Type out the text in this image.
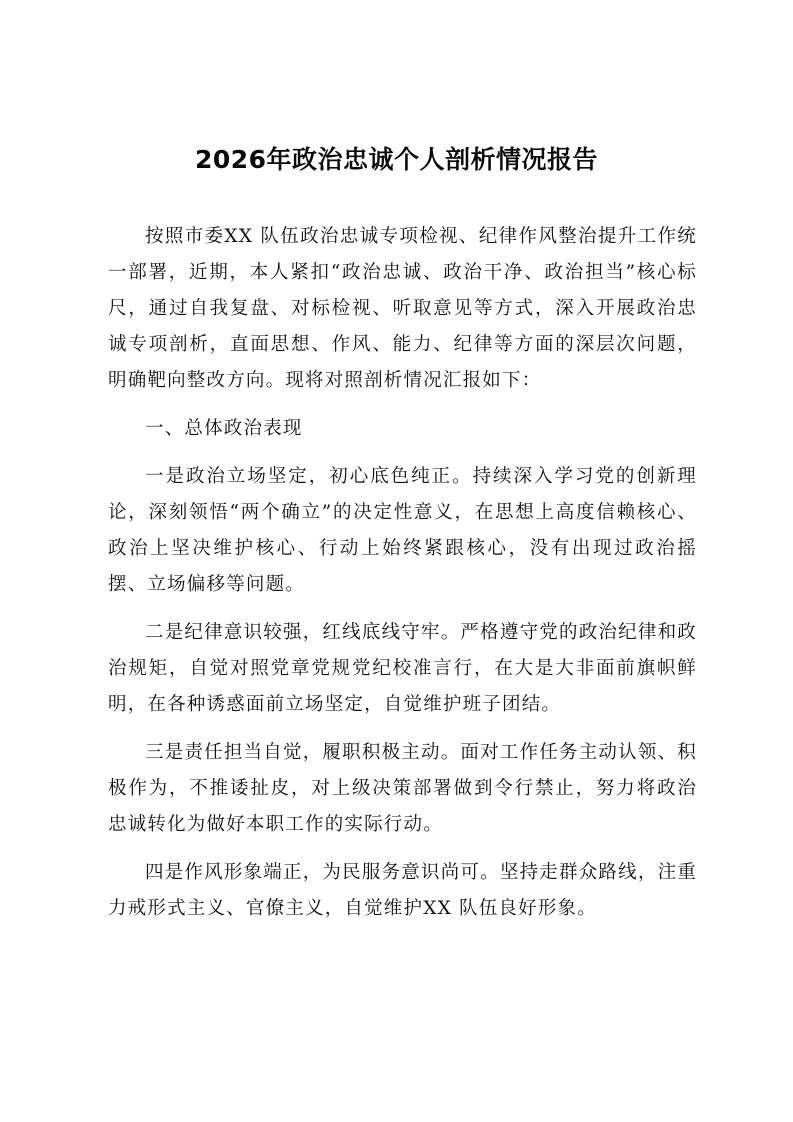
2026年政治忠诚个人剖析情况报告

按照市委XX 队伍政治忠诚专项检视、纪律作风整治提升工作统一部署，近期，本人紧扣“政治忠诚、政治干净、政治担当”核心标尺，通过自我复盘、对标检视、听取意见等方式，深入开展政治忠诚专项剖析，直面思想、作风、能力、纪律等方面的深层次问题，明确靶向整改方向。现将对照剖析情况汇报如下：

一、总体政治表现

一是政治立场坚定，初心底色纯正。持续深入学习党的创新理论，深刻领悟“两个确立”的决定性意义，在思想上高度信赖核心、政治上坚决维护核心、行动上始终紧跟核心，没有出现过政治摇摆、立场偏移等问题。

二是纪律意识较强，红线底线守牢。严格遵守党的政治纪律和政治规矩，自觉对照党章党规党纪校准言行，在大是大非面前旗帜鲜明，在各种诱惑面前立场坚定，自觉维护班子团结。

三是责任担当自觉，履职积极主动。面对工作任务主动认领、积极作为，不推诿扯皮，对上级决策部署做到令行禁止，努力将政治忠诚转化为做好本职工作的实际行动。

四是作风形象端正，为民服务意识尚可。坚持走群众路线，注重力戒形式主义、官僚主义，自觉维护XX 队伍良好形象。
